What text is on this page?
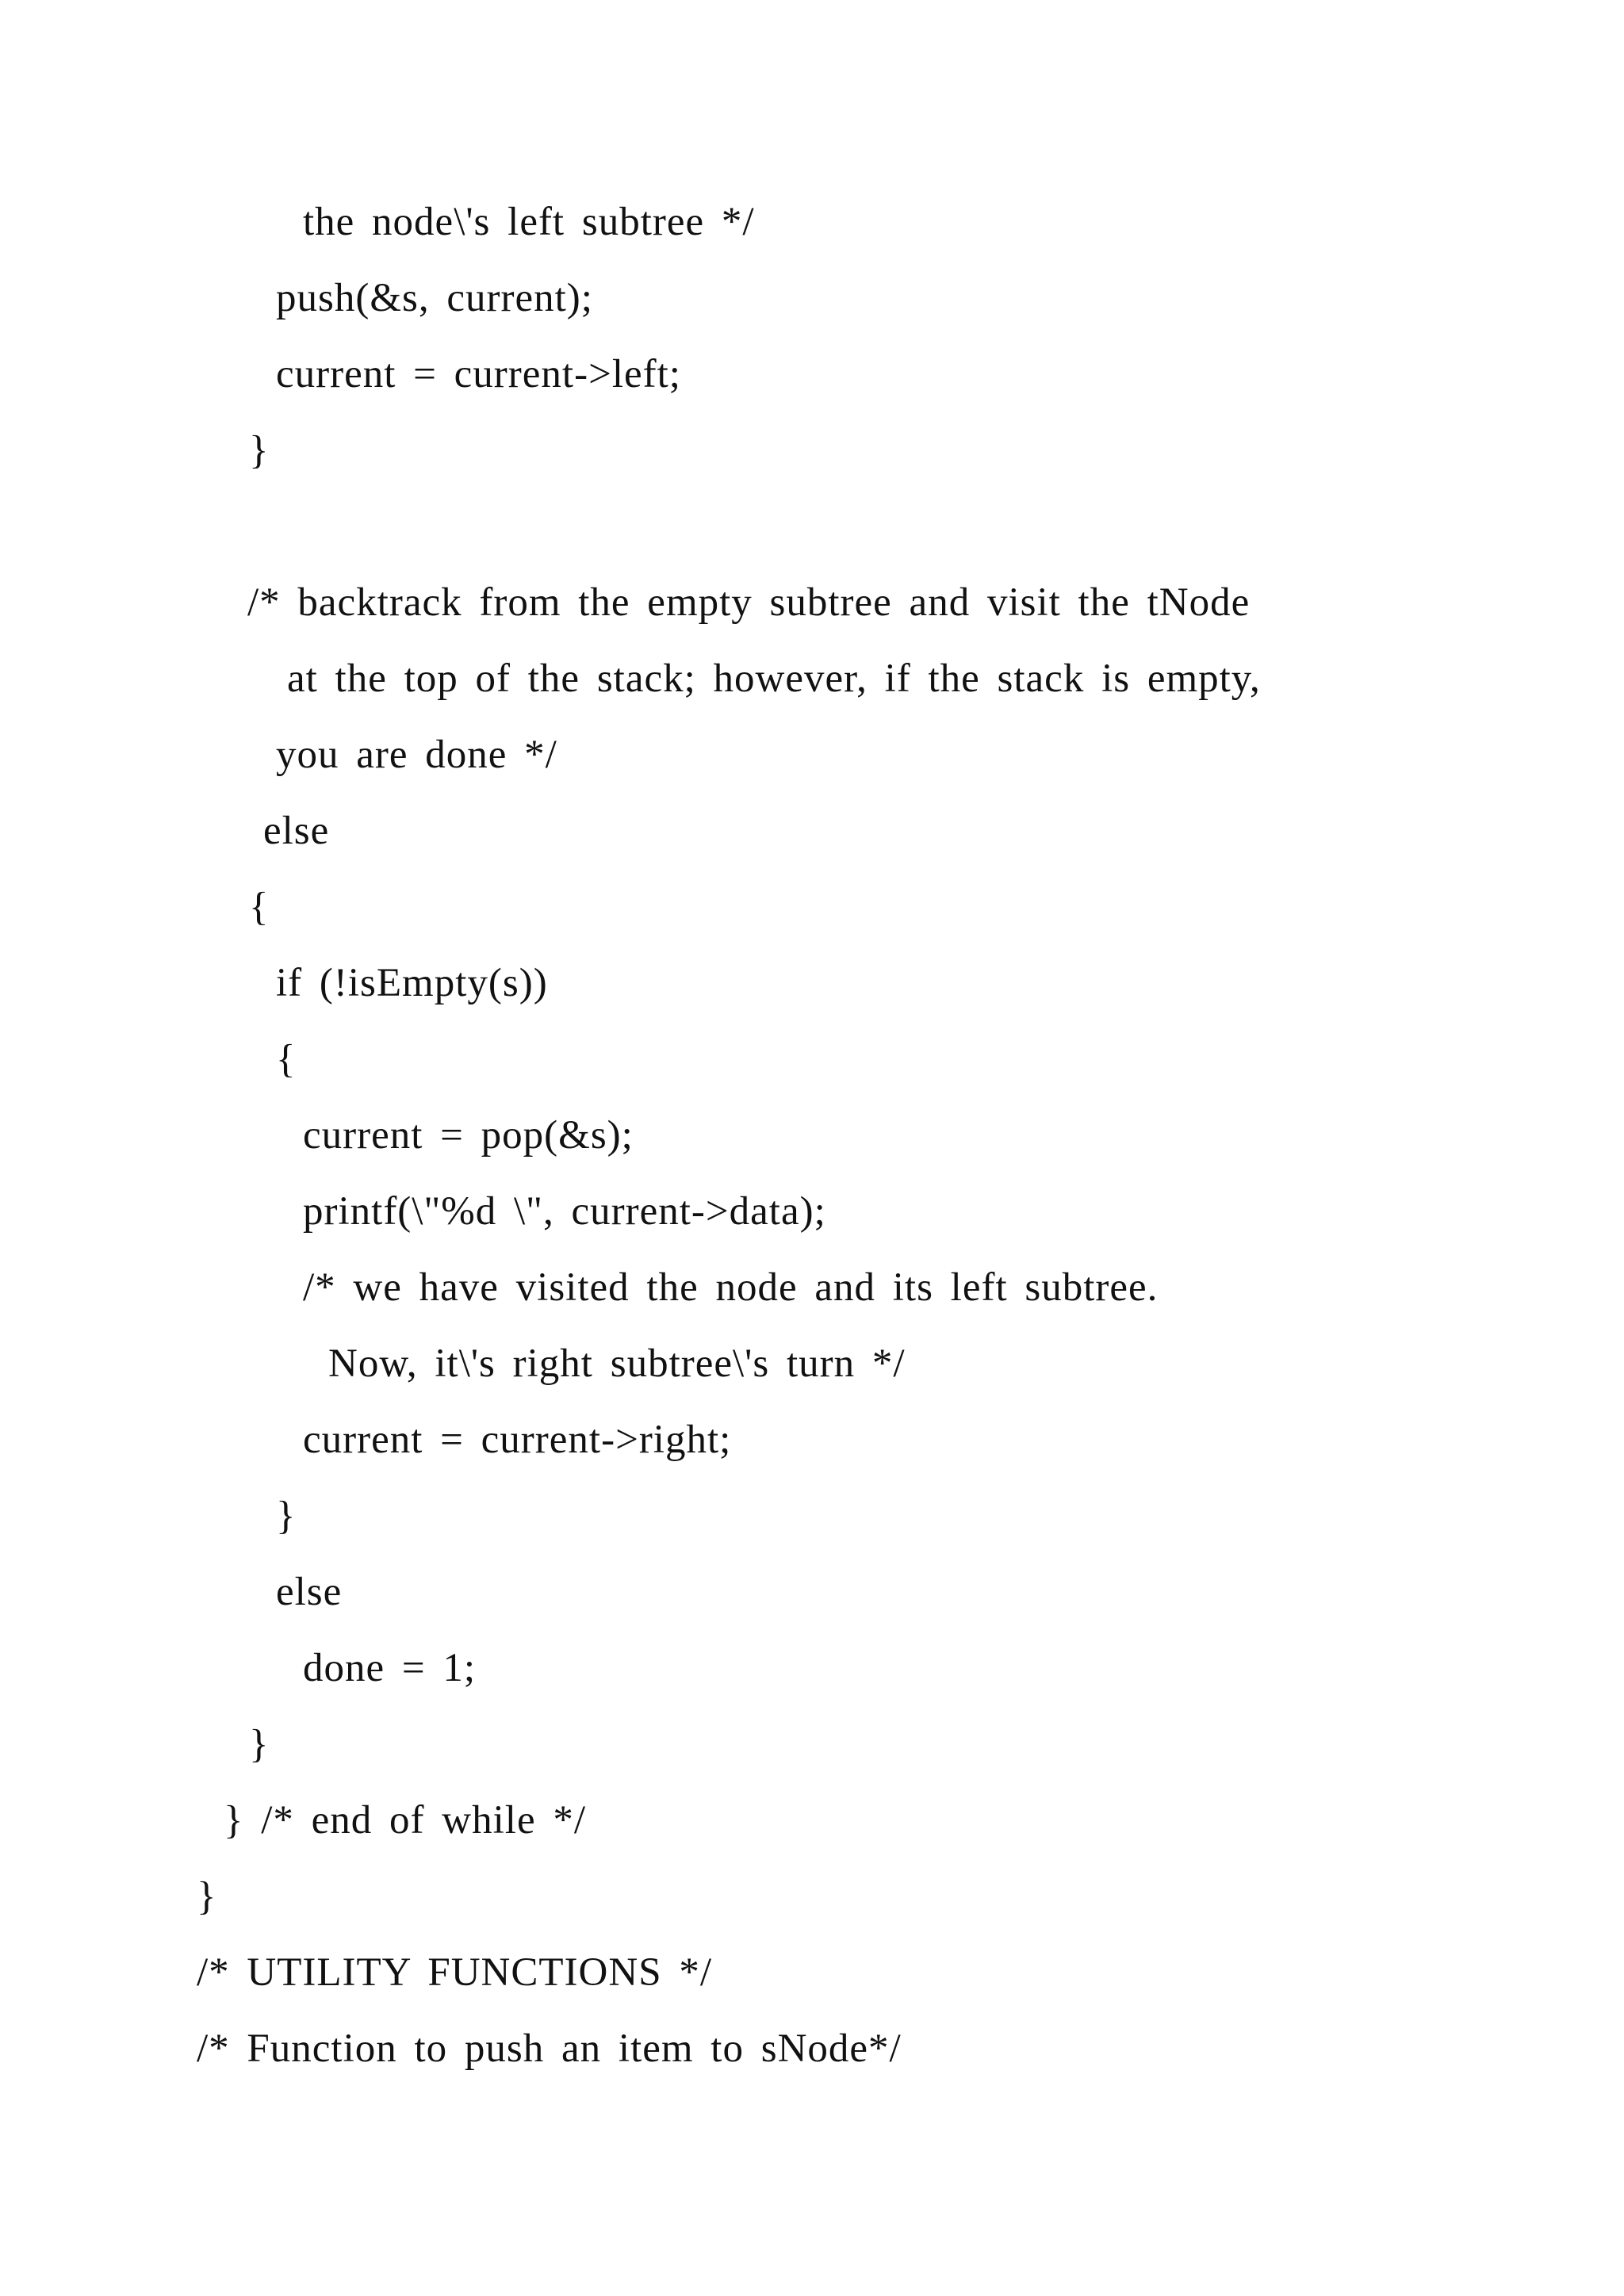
the node\'s left subtree */
push(&s, current);
current = current->left;
}
/* backtrack from the empty subtree and visit the tNode
at the top of the stack; however, if the stack is empty,
you are done */
else
{
if (!isEmpty(s))
{
current = pop(&s);
printf(\"%d \", current->data);
/* we have visited the node and its left subtree.
Now, it\'s right subtree\'s turn */
current = current->right;
}
else
done = 1;
}
} /* end of while */
}
/* UTILITY FUNCTIONS */
/* Function to push an item to sNode*/
